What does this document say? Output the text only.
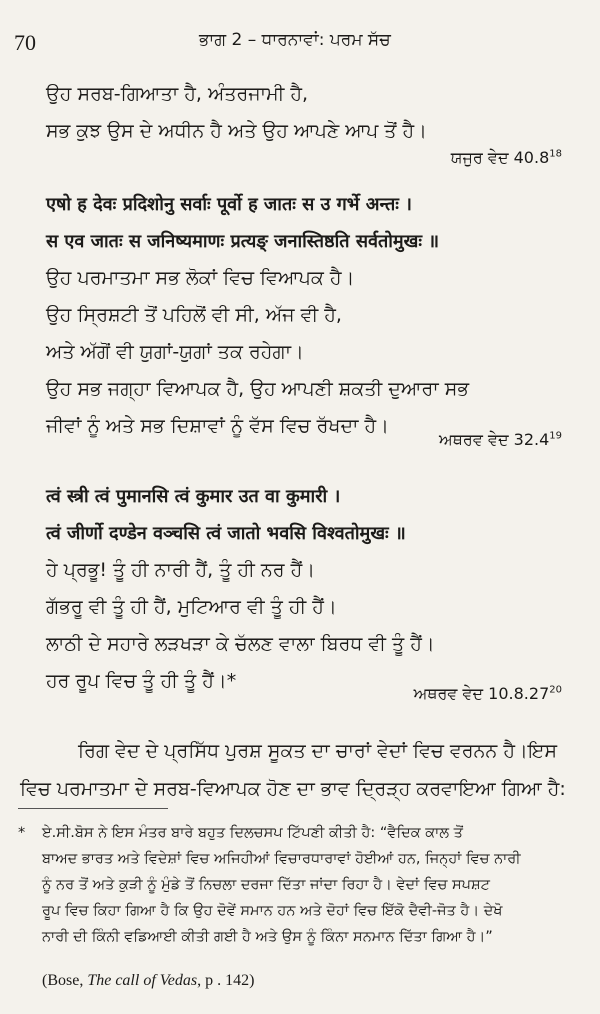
70	ਭਾਗ 2 – ਧਾਰਨਾਵਾਂ: ਪਰਮ ਸੱਚ
ਉਹ ਸਰਬ-ਗਿਆਤਾ ਹੈ, ਅੰਤਰਜਾਮੀ ਹੈ,
ਸਭ ਕੁਝ ਉਸ ਦੇ ਅਧੀਨ ਹੈ ਅਤੇ ਉਹ ਆਪਣੇ ਆਪ ਤੋਂ ਹੈ।
ਯਜੁਰ ਵੇਦ 40.8$^{18}$
एषो ह देवः प्रदिशोनु सर्वाः पूर्वो ह जातः स उ गर्भे अन्तः ।
स एव जातः स जनिष्यमाणः प्रत्यङ् जनास्तिष्ठति सर्वतोमुखः ॥
ਉਹ ਪਰਮਾਤਮਾ ਸਭ ਲੋਕਾਂ ਵਿਚ ਵਿਆਪਕ ਹੈ।
ਉਹ ਸ੍ਰਿਸ਼ਟੀ ਤੋਂ ਪਹਿਲੋਂ ਵੀ ਸੀ, ਅੱਜ ਵੀ ਹੈ,
ਅਤੇ ਅੱਗੋਂ ਵੀ ਯੁਗਾਂ-ਯੁਗਾਂ ਤਕ ਰਹੇਗਾ।
ਉਹ ਸਭ ਜਗ੍ਹਾ ਵਿਆਪਕ ਹੈ, ਉਹ ਆਪਣੀ ਸ਼ਕਤੀ ਦੁਆਰਾ ਸਭ
ਜੀਵਾਂ ਨੂੰ ਅਤੇ ਸਭ ਦਿਸ਼ਾਵਾਂ ਨੂੰ ਵੱਸ ਵਿਚ ਰੱਖਦਾ ਹੈ।
ਅਥਰਵ ਵੇਦ 32.4$^{19}$
त्वं स्त्री त्वं पुमानसि त्वं कुमार उत वा कुमारी ।
त्वं जीर्णो दण्डेन वञ्चसि त्वं जातो भवसि विश्वतोमुखः ॥
ਹੇ ਪ੍ਰਭੂ! ਤੂੰ ਹੀ ਨਾਰੀ ਹੈਂ, ਤੂੰ ਹੀ ਨਰ ਹੈਂ।
ਗੱਭਰੂ ਵੀ ਤੂੰ ਹੀ ਹੈਂ, ਮੁਟਿਆਰ ਵੀ ਤੂੰ ਹੀ ਹੈਂ।
ਲਾਠੀ ਦੇ ਸਹਾਰੇ ਲੜਖੜਾ ਕੇ ਚੱਲਣ ਵਾਲਾ ਬਿਰਧ ਵੀ ਤੂੰ ਹੈਂ।
ਹਰ ਰੂਪ ਵਿਚ ਤੂੰ ਹੀ ਤੂੰ ਹੈਂ।*
ਅਥਰਵ ਵੇਦ 10.8.27$^{20}$
ਰਿਗ ਵੇਦ ਦੇ ਪ੍ਰਸਿੱਧ ਪੁਰਸ਼ ਸੂਕਤ ਦਾ ਚਾਰਾਂ ਵੇਦਾਂ ਵਿਚ ਵਰਨਨ ਹੈ।ਇਸ
ਵਿਚ ਪਰਮਾਤਮਾ ਦੇ ਸਰਬ-ਵਿਆਪਕ ਹੋਣ ਦਾ ਭਾਵ ਦ੍ਰਿੜ੍ਹ ਕਰਵਾਇਆ ਗਿਆ ਹੈ:
* ਏ.ਸੀ.ਬੋਸ ਨੇ ਇਸ ਮੰਤਰ ਬਾਰੇ ਬਹੁਤ ਦਿਲਚਸਪ ਟਿੱਪਣੀ ਕੀਤੀ ਹੈ: “ਵੈਦਿਕ ਕਾਲ ਤੋਂ
ਬਾਅਦ ਭਾਰਤ ਅਤੇ ਵਿਦੇਸ਼ਾਂ ਵਿਚ ਅਜਿਹੀਆਂ ਵਿਚਾਰਧਾਰਾਵਾਂ ਹੋਈਆਂ ਹਨ, ਜਿਨ੍ਹਾਂ ਵਿਚ ਨਾਰੀ
ਨੂੰ ਨਰ ਤੋਂ ਅਤੇ ਕੁੜੀ ਨੂੰ ਮੁੰਡੇ ਤੋਂ ਨਿਚਲਾ ਦਰਜਾ ਦਿੱਤਾ ਜਾਂਦਾ ਰਿਹਾ ਹੈ। ਵੇਦਾਂ ਵਿਚ ਸਪਸ਼ਟ
ਰੂਪ ਵਿਚ ਕਿਹਾ ਗਿਆ ਹੈ ਕਿ ਉਹ ਦੋਵੇਂ ਸਮਾਨ ਹਨ ਅਤੇ ਦੋਹਾਂ ਵਿਚ ਇੱਕੋ ਦੈਵੀ-ਜੋਤ ਹੈ। ਦੇਖੋ
ਨਾਰੀ ਦੀ ਕਿੰਨੀ ਵਡਿਆਈ ਕੀਤੀ ਗਈ ਹੈ ਅਤੇ ਉਸ ਨੂੰ ਕਿੰਨਾ ਸਨਮਾਨ ਦਿੱਤਾ ਗਿਆ ਹੈ।”
(Bose, The call of Vedas, p . 142)
